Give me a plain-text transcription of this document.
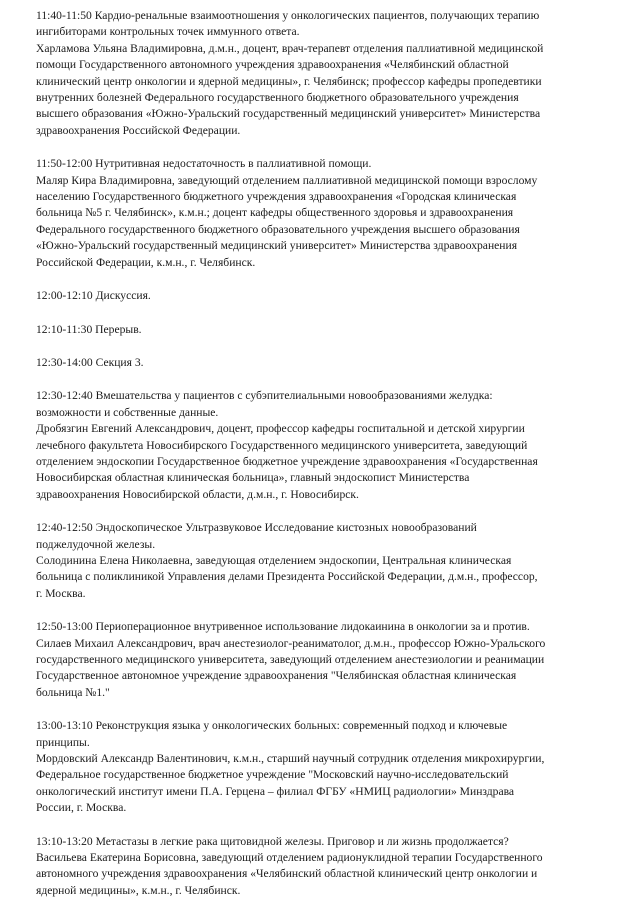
11:40-11:50 Кардио-ренальные взаимоотношения у онкологических пациентов, получающих терапию
ингибиторами контрольных точек иммунного ответа.
Харламова Ульяна Владимировна, д.м.н., доцент, врач-терапевт отделения паллиативной медицинской
помощи Государственного автономного учреждения здравоохранения «Челябинский областной
клинический центр онкологии и ядерной медицины», г. Челябинск; профессор кафедры пропедевтики
внутренних болезней Федерального государственного бюджетного образовательного учреждения
высшего образования «Южно-Уральский государственный медицинский университет» Министерства
здравоохранения Российской Федерации.
11:50-12:00 Нутритивная недостаточность в паллиативной помощи.
Маляр Кира Владимировна, заведующий отделением паллиативной медицинской помощи взрослому
населению Государственного бюджетного учреждения здравоохранения «Городская клиническая
больница №5 г. Челябинск», к.м.н.; доцент кафедры общественного здоровья и здравоохранения
Федерального государственного бюджетного образовательного учреждения высшего образования
«Южно-Уральский государственный медицинский университет» Министерства здравоохранения
Российской Федерации, к.м.н., г. Челябинск.
12:00-12:10 Дискуссия.
12:10-11:30 Перерыв.
12:30-14:00 Секция 3.
12:30-12:40 Вмешательства у пациентов с субэпителиальными новообразованиями желудка:
возможности и собственные данные.
Дробязгин Евгений Александрович, доцент, профессор кафедры госпитальной и детской хирургии
лечебного факультета Новосибирского Государственного медицинского университета, заведующий
отделением эндоскопии Государственное бюджетное учреждение здравоохранения «Государственная
Новосибирская областная клиническая больница», главный эндоскопист Министерства
здравоохранения Новосибирской области, д.м.н., г. Новосибирск.
12:40-12:50 Эндоскопическое Ультразвуковое Исследование кистозных новообразований
поджелудочной железы.
Солодинина Елена Николаевна, заведующая отделением эндоскопии, Центральная клиническая
больница с поликлиникой Управления делами Президента Российской Федерации, д.м.н., профессор,
г. Москва.
12:50-13:00 Периоперационное внутривенное использование лидокаинина в онкологии за и против.
Силаев Михаил Александрович, врач анестезиолог-реаниматолог, д.м.н., профессор Южно-Уральского
государственного медицинского университета, заведующий отделением анестезиологии и реанимации
Государственное автономное учреждение здравоохранения "Челябинская областная клиническая
больница №1."
13:00-13:10 Реконструкция языка у онкологических больных: современный подход и ключевые
принципы.
Мордовский Александр Валентинович, к.м.н., старший научный сотрудник отделения микрохирургии,
Федеральное государственное бюджетное учреждение "Московский научно-исследовательский
онкологический институт имени П.А. Герцена – филиал ФГБУ «НМИЦ радиологии» Минздрава
России, г. Москва.
13:10-13:20 Метастазы в легкие рака щитовидной железы. Приговор и ли жизнь продолжается?
Васильева Екатерина Борисовна, заведующий отделением радионуклидной терапии Государственного
автономного учреждения здравоохранения «Челябинский областной клинический центр онкологии и
ядерной медицины», к.м.н., г. Челябинск.
